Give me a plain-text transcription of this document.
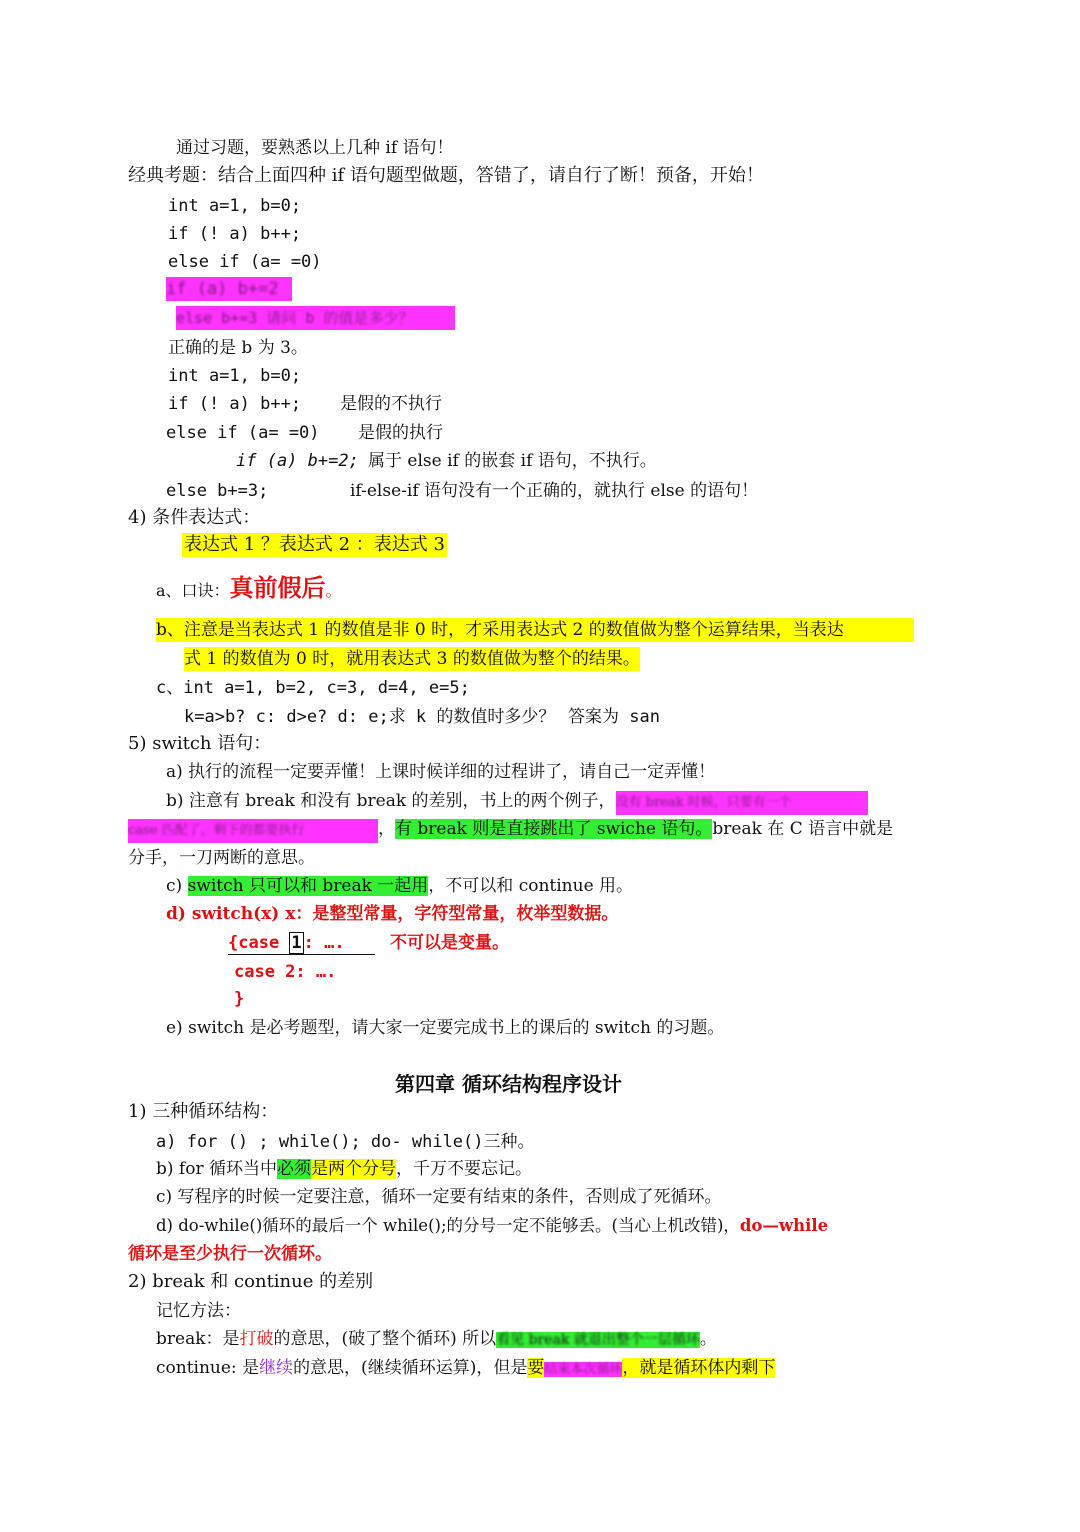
通过习题，要熟悉以上几种 if 语句！
经典考题：结合上面四种 if 语句题型做题，答错了，请自行了断！预备，开始！
int a=1, b=0;
if (! a) b++;
else if (a= =0)
if (a) b+=2
else b+=3 请问 b 的值是多少？
正确的是 b 为 3。
int a=1, b=0;
if (! a) b++; 是假的不执行
else if (a= =0) 是假的执行
if (a) b+=2; 属于 else if 的嵌套 if 语句，不执行。
else b+=3;	if-else-if 语句没有一个正确的，就执行 else 的语句！
4) 条件表达式：
表达式 1 ？表达式 2 ：表达式 3
a、口诀：真前假后。
b、注意是当表达式 1 的数值是非 0 时，才采用表达式 2 的数值做为整个运算结果，当表达
式 1 的数值为 0 时，就用表达式 3 的数值做为整个的结果。
c、int a=1, b=2, c=3, d=4, e=5;
k=a>b? c: d>e? d: e;求 k 的数值时多少？ 答案为 san
5) switch 语句：
a) 执行的流程一定要弄懂！上课时候详细的过程讲了，请自己一定弄懂！
b) 注意有 break 和没有 break 的差别，书上的两个例子，没有 break 时候，只要有一个
case 匹配了，剩下的都要执行	，有 break 则是直接跳出了 swiche 语句。break 在 C 语言中就是
分手，一刀两断的意思。
c) switch 只可以和 break 一起用，不可以和 continue 用。
d) switch(x) x：是整型常量，字符型常量，枚举型数据。
{case 1 : ….	不可以是变量。
case 2: ….
}
e) switch 是必考题型，请大家一定要完成书上的课后的 switch 的习题。
第四章 循环结构程序设计
1) 三种循环结构：
a) for () ; while(); do- while()三种。
b) for 循环当中必须是两个分号，千万不要忘记。
c) 写程序的时候一定要注意，循环一定要有结束的条件，否则成了死循环。
d) do-while()循环的最后一个 while();的分号一定不能够丢。(当心上机改错)，do—while
循环是至少执行一次循环。
2) break 和 continue 的差别
记忆方法：
break：是打破的意思，(破了整个循环) 所以看见 break 就退出整个一层循环。
continue: 是继续的意思，(继续循环运算)，但是要结束本次循环，就是循环体内剩下
